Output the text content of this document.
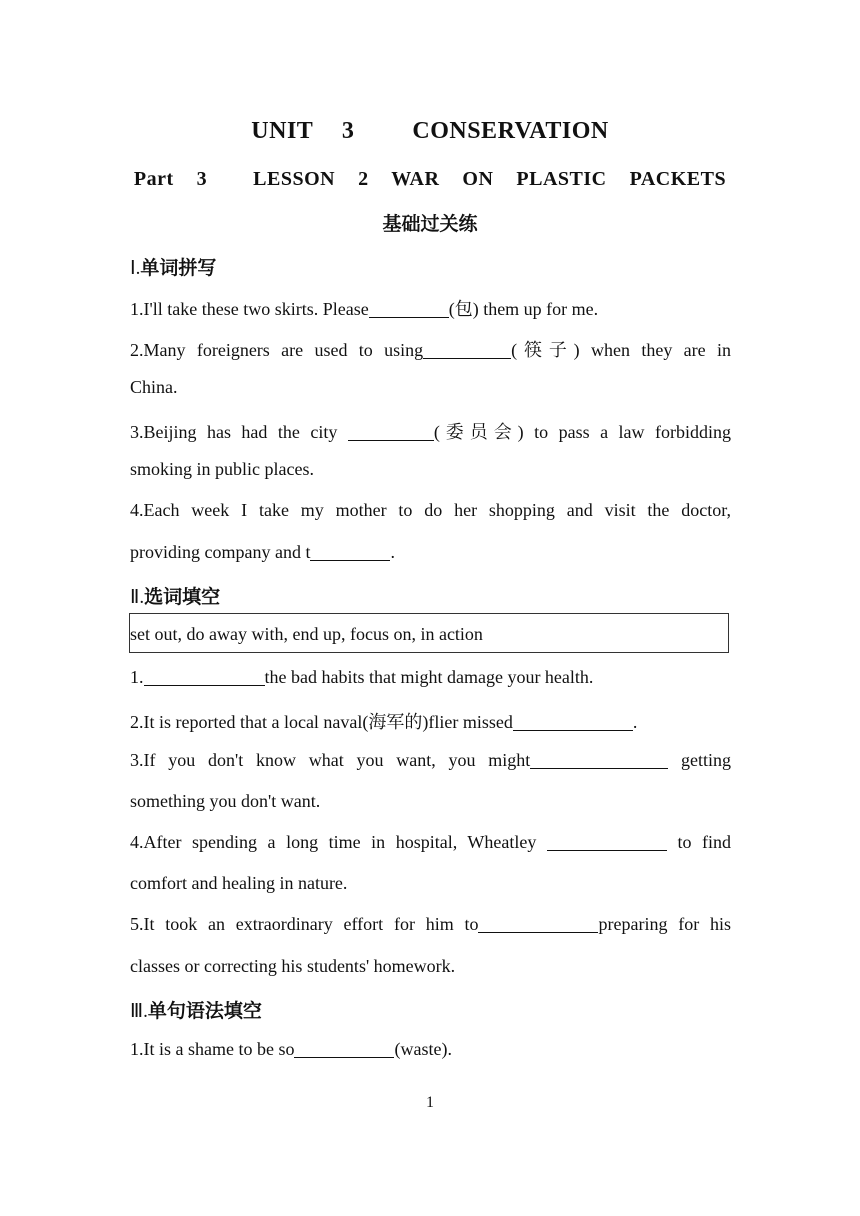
UNIT  3    CONSERVATION
Part  3    LESSON  2  WAR  ON  PLASTIC  PACKETS
基础过关练
Ⅰ.单词拼写
1.I'll take these two skirts. Please	(包) them up for me.
2.Many foreigners are used to using	(筷子) when they are in
China.
3.Beijing has had the city	(委员会) to pass a law forbidding
smoking in public places.
4.Each week I take my mother to do her shopping and visit the doctor,
providing company and t	.
Ⅱ.选词填空
set out, do away with, end up, focus on, in action
1.	the bad habits that might damage your health.
2.It is reported that a local naval(海军的)flier missed	.
3.If you don't know what you want, you might	getting
something you don't want.
4.After spending a long time in hospital, Wheatley	to find
comfort and healing in nature.
5.It took an extraordinary effort for him to	preparing for his
classes or correcting his students' homework.
Ⅲ.单句语法填空
1.It is a shame to be so	(waste).
1
